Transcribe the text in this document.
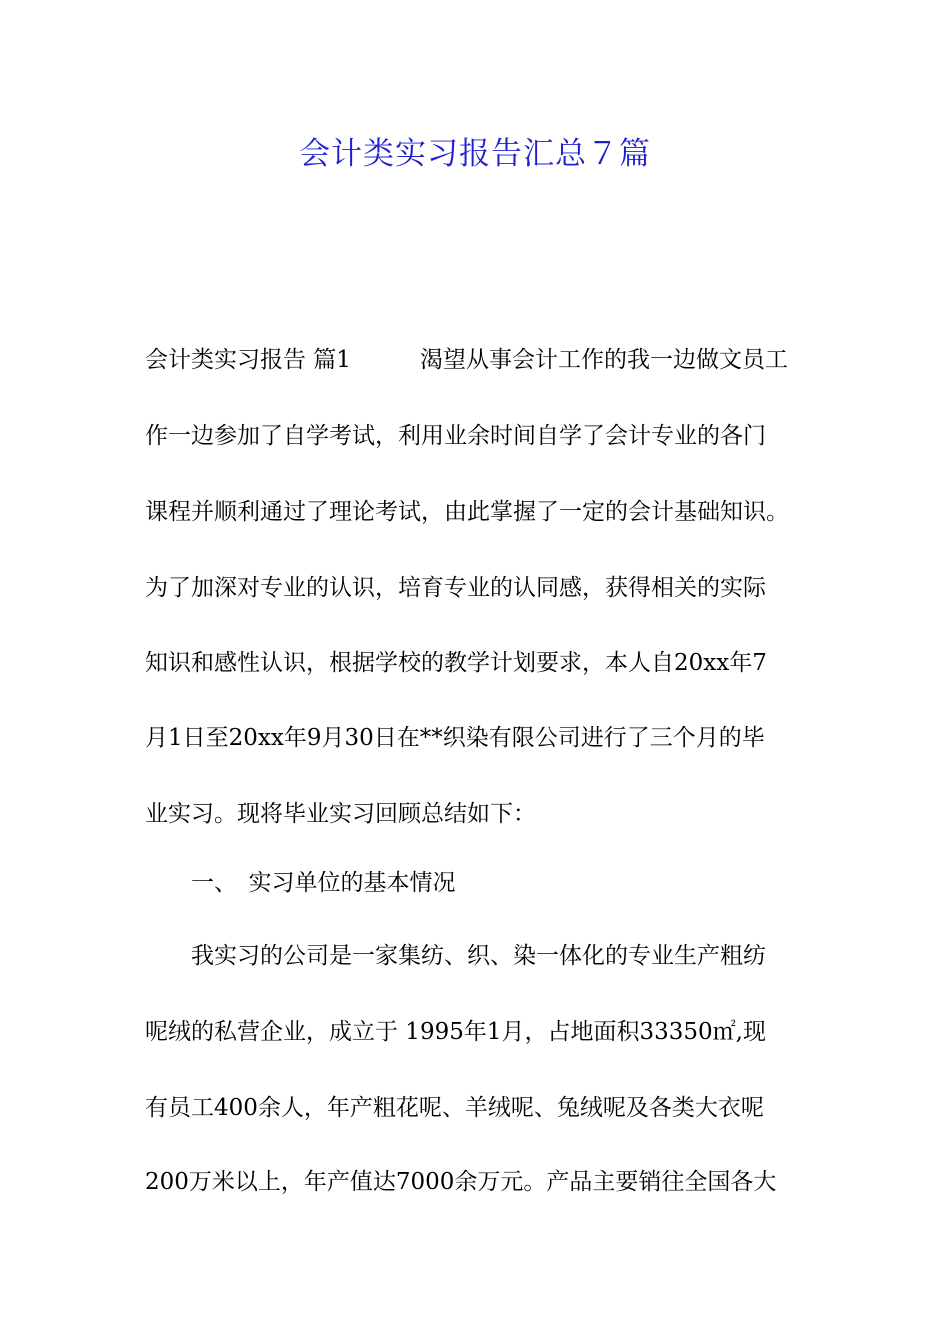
会计类实习报告汇总７篇
会计类实习报告 篇1　　　渴望从事会计工作的我一边做文员工
作一边参加了自学考试，利用业余时间自学了会计专业的各门
课程并顺利通过了理论考试，由此掌握了一定的会计基础知识。
为了加深对专业的认识，培育专业的认同感，获得相关的实际
知识和感性认识，根据学校的教学计划要求，本人自20xx年7
月1日至20xx年9月30日在**织染有限公司进行了三个月的毕
业实习。现将毕业实习回顾总结如下：
　　一、　实习单位的基本情况
　　我实习的公司是一家集纺、织、染一体化的专业生产粗纺
呢绒的私营企业，成立于 1995年1月，占地面积33350㎡,现
有员工400余人，年产粗花呢、羊绒呢、兔绒呢及各类大衣呢
200万米以上，年产值达7000余万元。产品主要销往全国各大
